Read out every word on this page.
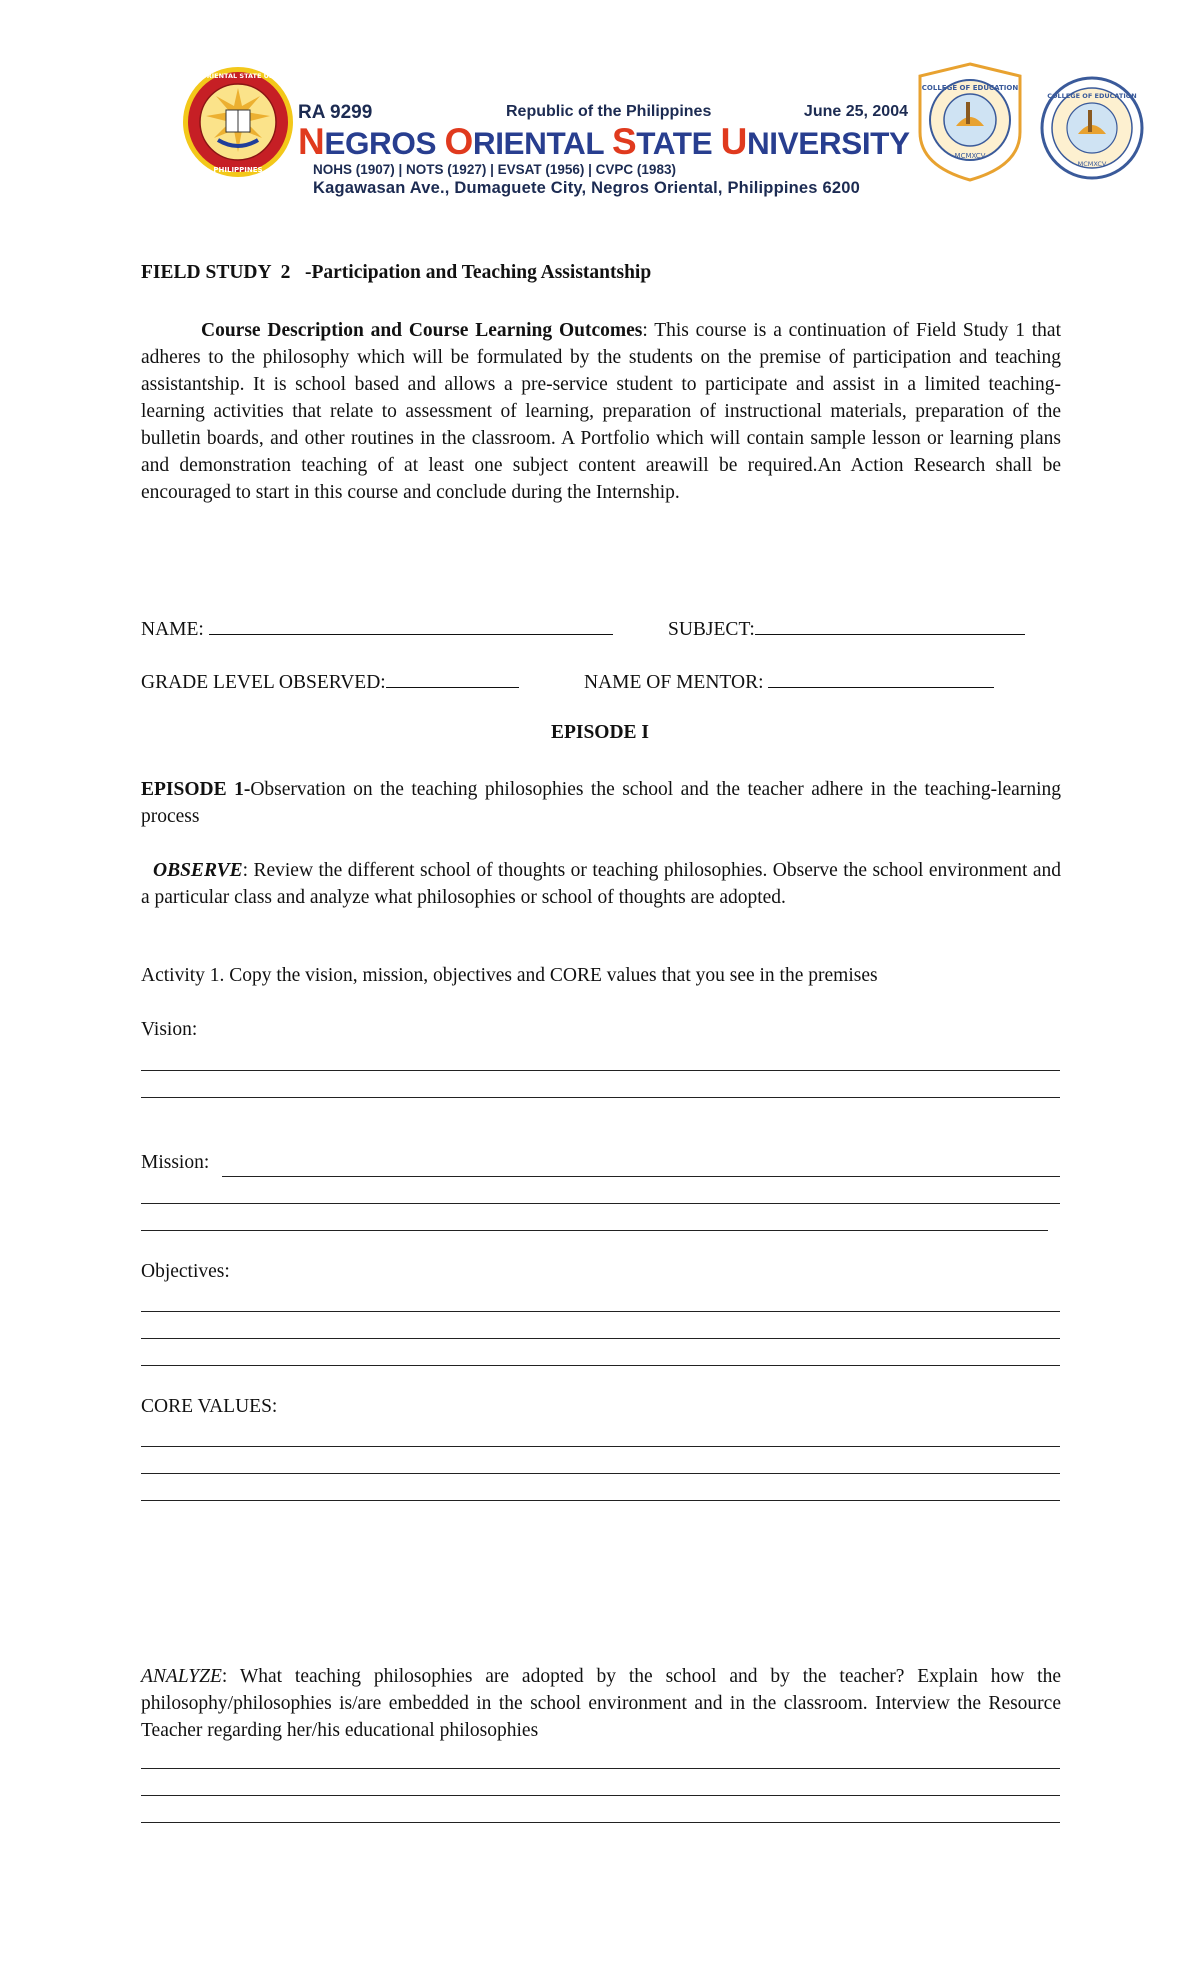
NEGROS ORIENTAL STATE UNIVERSITY
PHILIPPINES
RA 9299	Republic of the Philippines	June 25, 2004
NEGROS ORIENTAL STATE UNIVERSITY
NOHS (1907) | NOTS (1927) | EVSAT (1956) | CVPC (1983)
Kagawasan Ave., Dumaguete City, Negros Oriental, Philippines 6200
COLLEGE OF EDUCATION
MCMXCV
COLLEGE OF EDUCATION
MCMXCV
FIELD STUDY  2   -Participation and Teaching Assistantship
Course Description and Course Learning Outcomes: This course is a continuation of Field Study 1 that adheres to the philosophy which will be formulated by the students on the premise of participation and teaching assistantship. It is school based and allows a pre-service student to participate and assist in a limited teaching-learning activities that relate to assessment of learning, preparation of instructional materials, preparation of the bulletin boards, and other routines in the classroom. A Portfolio which will contain sample lesson or learning plans and demonstration teaching of at least one subject content areawill be required.An Action Research shall be encouraged to start in this course and conclude during the Internship.
NAME:	SUBJECT:
GRADE LEVEL OBSERVED:	NAME OF MENTOR:
EPISODE I
EPISODE 1-Observation on the teaching philosophies the school and the teacher adhere in the teaching-learning process
OBSERVE: Review the different school of thoughts or teaching philosophies. Observe the school environment and a particular class and analyze what philosophies or school of thoughts are adopted.
Activity 1. Copy the vision, mission, objectives and CORE values that you see in the premises
Vision:
Mission:
Objectives:
CORE VALUES:
ANALYZE: What teaching philosophies are adopted by the school and by the teacher? Explain how the philosophy/philosophies is/are embedded in the school environment and in the classroom. Interview the Resource Teacher regarding her/his educational philosophies
